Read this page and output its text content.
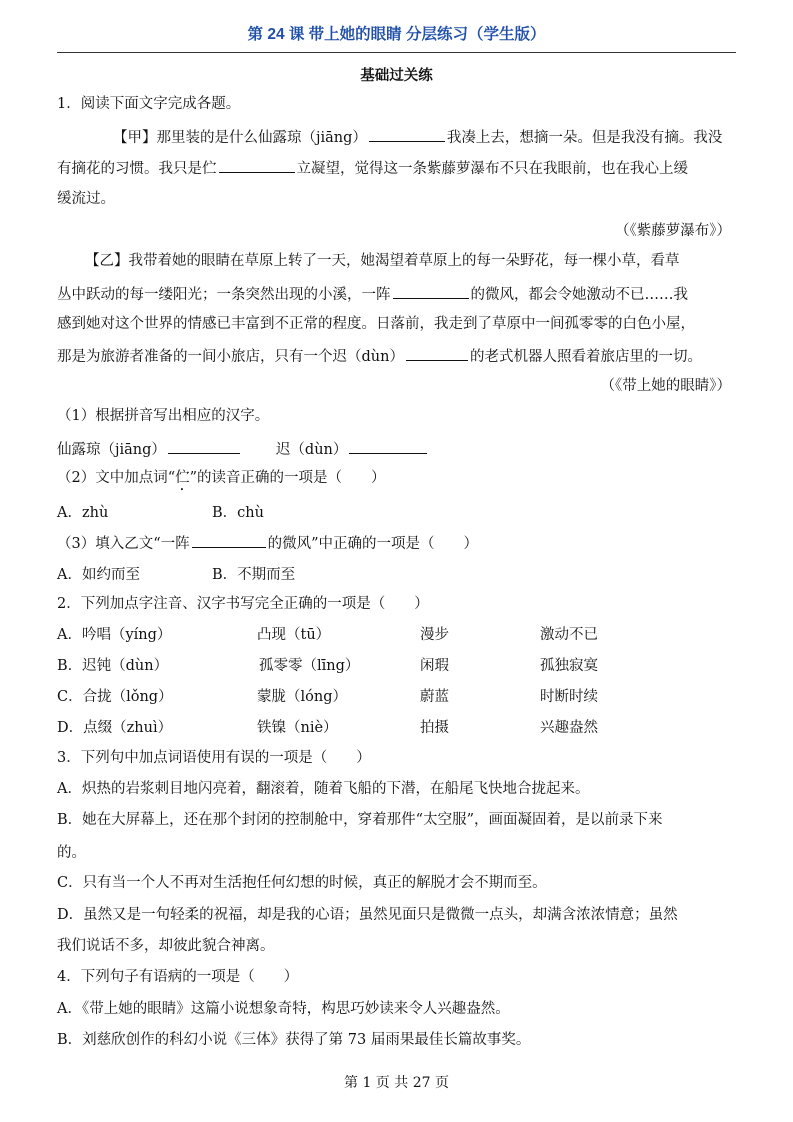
第 24 课 带上她的眼睛 分层练习（学生版）
基础过关练
1．阅读下面文字完成各题。
【甲】那里装的是什么仙露琼（jiāng）	我凑上去，想摘一朵。但是我没有摘。我没
有摘花的习惯。我只是伫	立凝望，觉得这一条紫藤萝瀑布不只在我眼前，也在我心上缓
缓流过。
（《紫藤萝瀑布》）
【乙】我带着她的眼睛在草原上转了一天，她渴望着草原上的每一朵野花，每一棵小草，看草
丛中跃动的每一缕阳光；一条突然出现的小溪，一阵	的微风，都会令她激动不已……我
感到她对这个世界的情感已丰富到不正常的程度。日落前，我走到了草原中一间孤零零的白色小屋，
那是为旅游者准备的一间小旅店，只有一个迟（dùn）	的老式机器人照看着旅店里的一切。
（《带上她的眼睛》）
（1）根据拼音写出相应的汉字。
仙露琼（jiāng）	迟（dùn）
（2）文中加点词“伫”的读音正确的一项是（　　）
A．zhù	B．chù
（3）填入乙文“一阵	的微风”中正确的一项是（　　）
A．如约而至	B．不期而至
2．下列加点字注音、汉字书写完全正确的一项是（　　）
A．吟唱（yíng）	凸现（tū）	漫步	激动不已
B．迟钝（dùn）	孤零零（līng）	闲瑕	孤独寂寞
C．合拢（lǒng）	蒙胧（lóng）	蔚蓝	时断时续
D．点缀（zhuì）	铁镍（niè）	拍摄	兴趣盎然
3．下列句中加点词语使用有误的一项是（　　）
A．炽热的岩浆刺目地闪亮着，翻滚着，随着飞船的下潜，在船尾飞快地合拢起来。
B．她在大屏幕上，还在那个封闭的控制舱中，穿着那件“太空服”，画面凝固着，是以前录下来
的。
C．只有当一个人不再对生活抱任何幻想的时候，真正的解脱才会不期而至。
D．虽然又是一句轻柔的祝福，却是我的心语；虽然见面只是微微一点头，却满含浓浓情意；虽然
我们说话不多，却彼此貌合神离。
4．下列句子有语病的一项是（　　）
A．《带上她的眼睛》这篇小说想象奇特，构思巧妙读来令人兴趣盎然。
B．刘慈欣创作的科幻小说《三体》获得了第 73 届雨果最佳长篇故事奖。
第 1 页 共 27 页
